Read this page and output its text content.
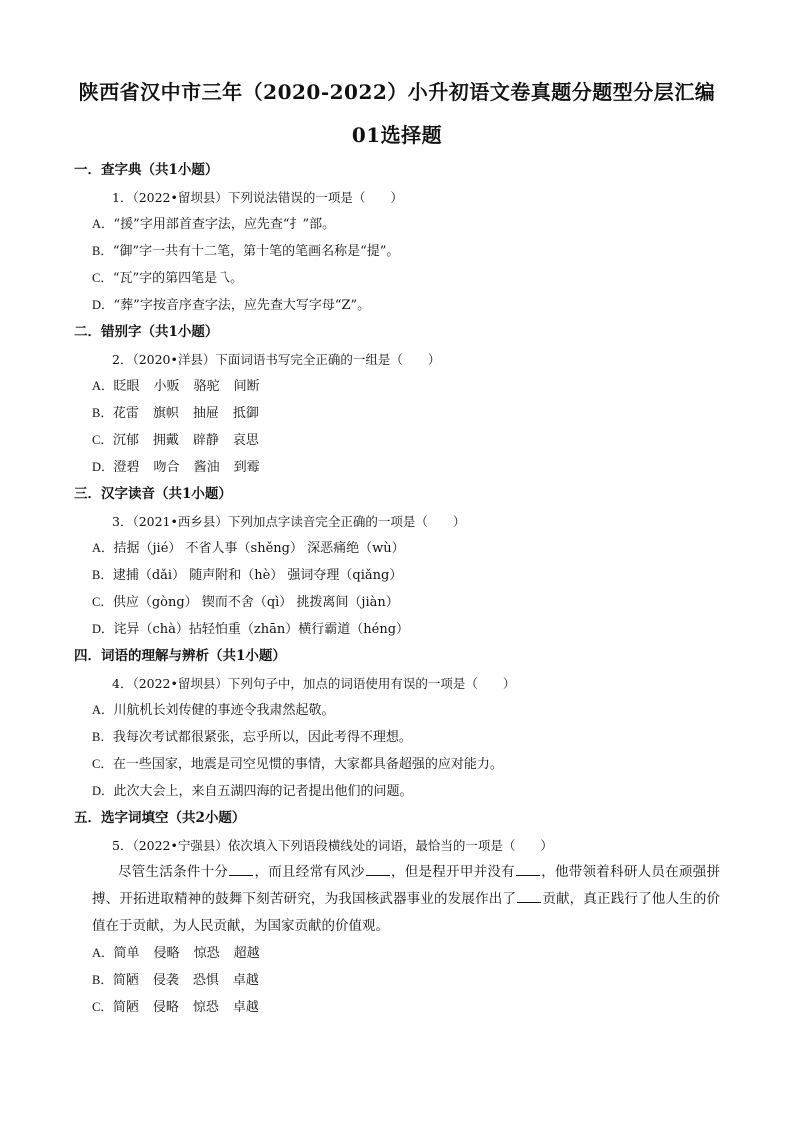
陕西省汉中市三年（2020-2022）小升初语文卷真题分题型分层汇编
01选择题
一．查字典（共1小题）
1．（2022•留坝县）下列说法错误的一项是（　　）
A．“援”字用部首查字法，应先查“扌”部。
B．“御”字一共有十二笔，第十笔的笔画名称是“提”。
C．“瓦”字的第四笔是乁。
D．“葬”字按音序查字法，应先查大写字母“Z”。
二．错别字（共1小题）
2．（2020•洋县）下面词语书写完全正确的一组是（　　）
A．眨眼 小贩 骆驼 间断
B．花雷 旗帜 抽屉 抵御
C．沉郁 拥戴 辟静 哀思
D．澄碧 吻合 酱油 到霉
三．汉字读音（共1小题）
3．（2021•西乡县）下列加点字读音完全正确的一项是（　　）
A．拮据（jié） 不省人事（shěng） 深恶痛绝（wù）
B．逮捕（dǎi） 随声附和（hè） 强词夺理（qiǎng）
C．供应（gòng） 锲而不舍（qì） 挑拨离间（jiàn）
D．诧异（chà）拈轻怕重（zhān）横行霸道（héng）
四．词语的理解与辨析（共1小题）
4．（2022•留坝县）下列句子中，加点的词语使用有误的一项是（　　）
A．川航机长刘传健的事迹令我肃然起敬。
B．我每次考试都很紧张，忘乎所以，因此考得不理想。
C．在一些国家，地震是司空见惯的事情，大家都具备超强的应对能力。
D．此次大会上，来自五湖四海的记者提出他们的问题。
五．选字词填空（共2小题）
5．（2022•宁强县）依次填入下列语段横线处的词语，最恰当的一项是（　　）
尽管生活条件十分 ，而且经常有风沙 ，但是程开甲并没有 ，他带领着科研人员在顽强拼搏、开拓进取精神的鼓舞下刻苦研究，为我国核武器事业的发展作出了 贡献，真正践行了他人生的价值在于贡献，为人民贡献，为国家贡献的价值观。
A．简单 侵略 惊恐 超越
B．简陋 侵袭 恐惧 卓越
C．简陋 侵略 惊恐 卓越
